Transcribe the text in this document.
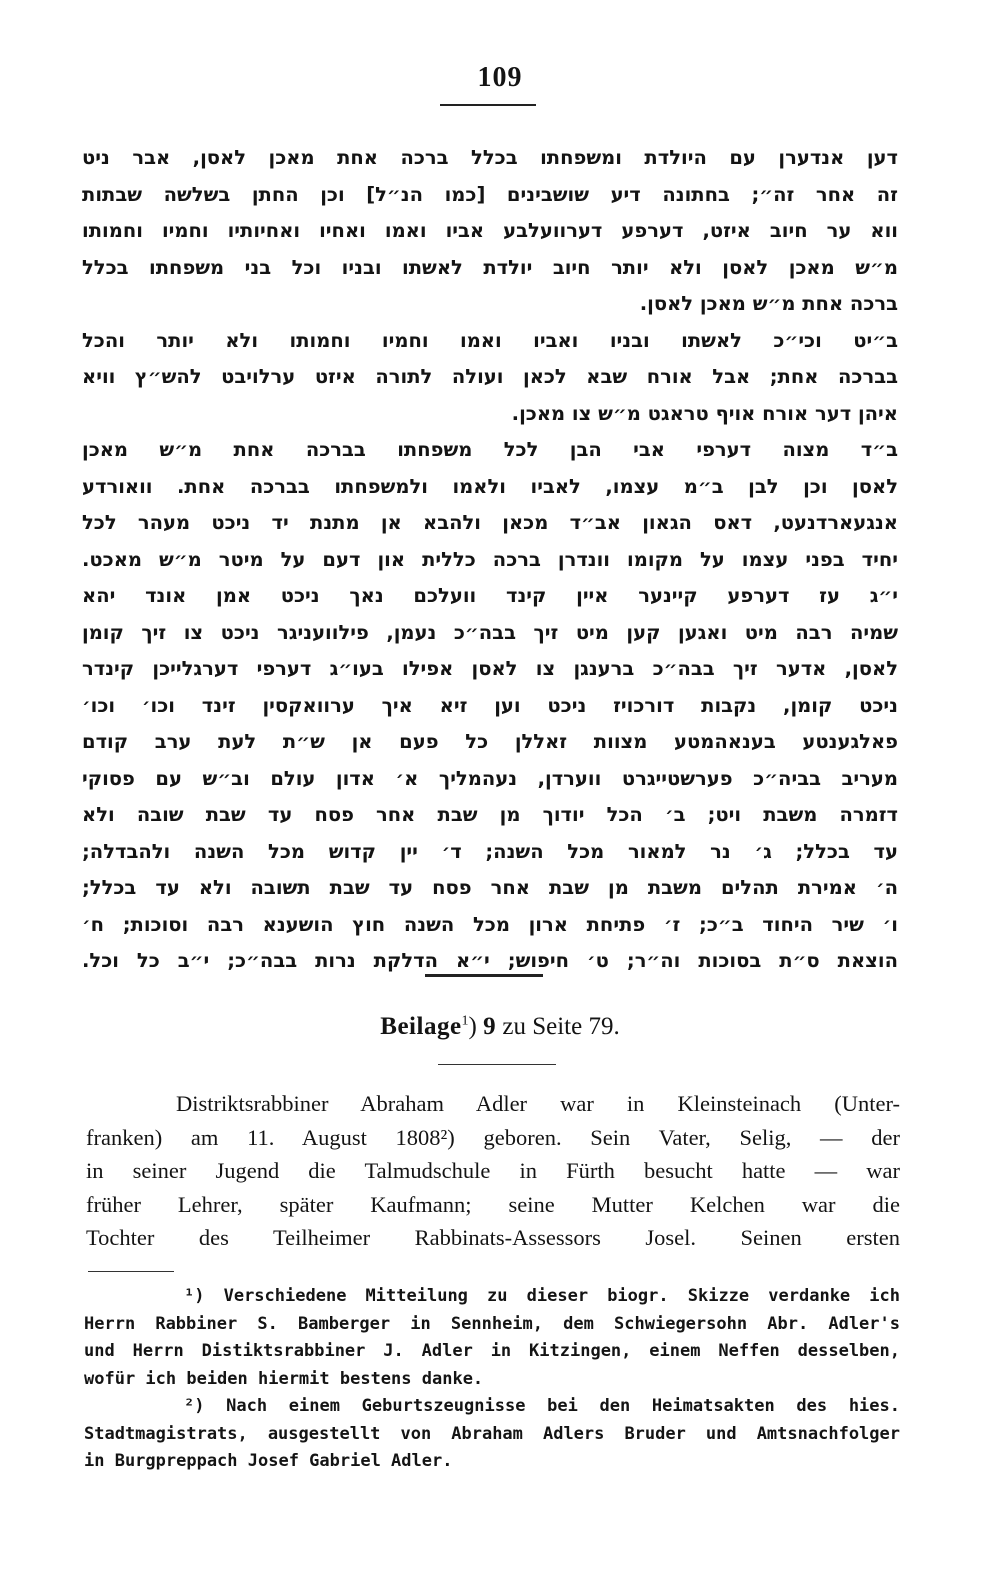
109
דען אנדערן עם היולדת ומשפחתו בכלל ברכה אחת מאכן לאסן, אבר ניט
זה אחר זה״; בחתונה דיע שושבינים [כמו הנ״ל] וכן החתן בשלשה שבתות
ווא ער חיוב איזט, דערפע דערוועלבע אביו ואמו ואחיו ואחיותיו וחמיו וחמותו
מ״ש מאכן לאסן ולא יותר חיוב יולדת לאשתו ובניו וכל בני משפחתו בכלל
ברכה אחת מ״ש מאכן לאסן.
ב״יט וכי״כ לאשתו ובניו ואביו ואמו וחמיו וחמותו ולא יותר והכל
בברכה אחת; אבל אורח שבא לכאן ועולה לתורה איזט ערלויבט להש״ץ וויא
איהן דער אורח אויף טראגט מ״ש צו מאכן.
ב״ד מצוה דערפי אבי הבן לכל משפחתו בברכה אחת מ״ש מאכן
לאסן וכן לבן ב״מ עצמו, לאביו ולאמו ולמשפחתו בברכה אחת. וואורדע
אנגעארדנעט, דאס הגאון אב״ד מכאן ולהבא אן מתנת יד ניכט מעהר לכל
יחיד בפני עצמו על מקומו וונדרן ברכה כללית און דעם על מיטר מ״ש מאכט.
י״ג עז דערפע קיינער איין קינד וועלכם נאך ניכט אמן אונד יהא
שמיה רבה מיט ואגען קען מיט זיך בבה״כ נעמן, פילוועניגר ניכט צו זיך קומן
לאסן, אדער זיך בבה״כ ברענגן צו לאסן אפילו בעו״ג דערפי דערגלייכן קינדר
ניכט קומן, נקבות דורכויז ניכט וען זיא איך ערוואקסין זינד וכו׳ וכו׳
פאלגענטע בענאהמטע מצוות זאללן כל פעם אן ש״ת לעת ערב קודם
מעריב בביה״כ פערשטייגרט ווערדן, נעהמליך א׳ אדון עולם וב״ש עם פסוקי
דזמרה משבת ויט; ב׳ הכל יודוך מן שבת אחר פסח עד שבת שובה ולא
עד בכלל; ג׳ נר למאור מכל השנה; ד׳ יין קדוש מכל השנה ולהבדלה;
ה׳ אמירת תהלים משבת מן שבת אחר פסח עד שבת תשובה ולא עד בכלל;
ו׳ שיר היחוד ב״כ; ז׳ פתיחת ארון מכל השנה חוץ הושענא רבה וסוכות; ח׳
הוצאת ס״ת בסוכות וה״ר; ט׳ חיפוש; י״א הדלקת נרות בבה״כ; י״ב כל וכל.
Beilage$^1$) 9 zu Seite 79.
Distriktsrabbiner Abraham Adler war in Kleinsteinach (Unter-
franken) am 11. August 1808²) geboren. Sein Vater, Selig, — der
in seiner Jugend die Talmudschule in Fürth besucht hatte — war
früher Lehrer, später Kaufmann; seine Mutter Kelchen war die
Tochter des Teilheimer Rabbinats-Assessors Josel. Seinen ersten
¹) Verschiedene Mitteilung zu dieser biogr. Skizze verdanke ich
Herrn Rabbiner S. Bamberger in Sennheim, dem Schwiegersohn Abr. Adler's
und Herrn Distiktsrabbiner J. Adler in Kitzingen, einem Neffen desselben,
wofür ich beiden hiermit bestens danke.
²) Nach einem Geburtszeugnisse bei den Heimatsakten des hies.
Stadtmagistrats, ausgestellt von Abraham Adlers Bruder und Amtsnachfolger
in Burgpreppach Josef Gabriel Adler.
